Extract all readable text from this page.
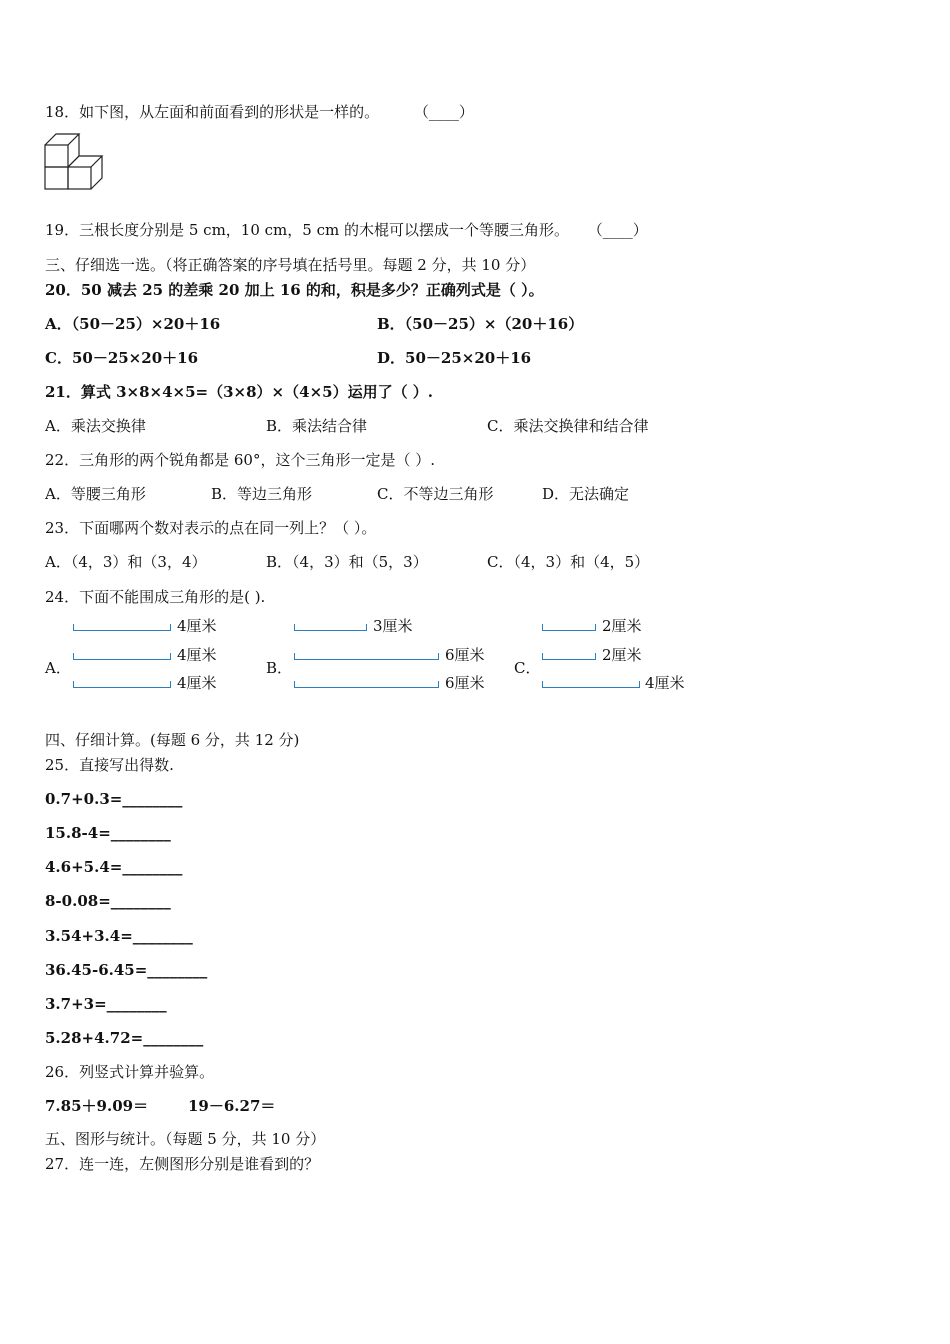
18．如下图，从左面和前面看到的形状是一样的。 （____）
19．三根长度分别是 5 cm，10 cm，5 cm 的木棍可以摆成一个等腰三角形。 （____）
三、仔细选一选。（将正确答案的序号填在括号里。每题 2 分，共 10 分）
20．50 减去 25 的差乘 20 加上 16 的和，积是多少？正确列式是（ ）。
A．（50－25）×20＋16	B．（50－25）×（20＋16）
C．50－25×20＋16	D．50－25×20＋16
21．算式 3×8×4×5=（3×8）×（4×5）运用了（ ）.
A．乘法交换律	B．乘法结合律	C．乘法交换律和结合律
22．三角形的两个锐角都是 60°，这个三角形一定是（ ）.
A．等腰三角形	B．等边三角形	C．不等边三角形	D．无法确定
23．下面哪两个数对表示的点在同一列上？（ ）。
A．（4，3）和（3，4）	B．（4，3）和（5，3）	C．（4，3）和（4，5）
24．下面不能围成三角形的是( ).
A．
4厘米
4厘米
4厘米
B．
3厘米
6厘米
6厘米
C．
2厘米
2厘米
4厘米
四、仔细计算。(每题 6 分，共 12 分)
25．直接写出得数.
0.7+0.3=________
15.8-4=________
4.6+5.4=________
8-0.08=________
3.54+3.4=________
36.45-6.45=________
3.7+3=________
5.28+4.72=________
26．列竖式计算并验算。
7.85＋9.09＝	19－6.27＝
五、图形与统计。（每题 5 分，共 10 分）
27．连一连，左侧图形分别是谁看到的？
